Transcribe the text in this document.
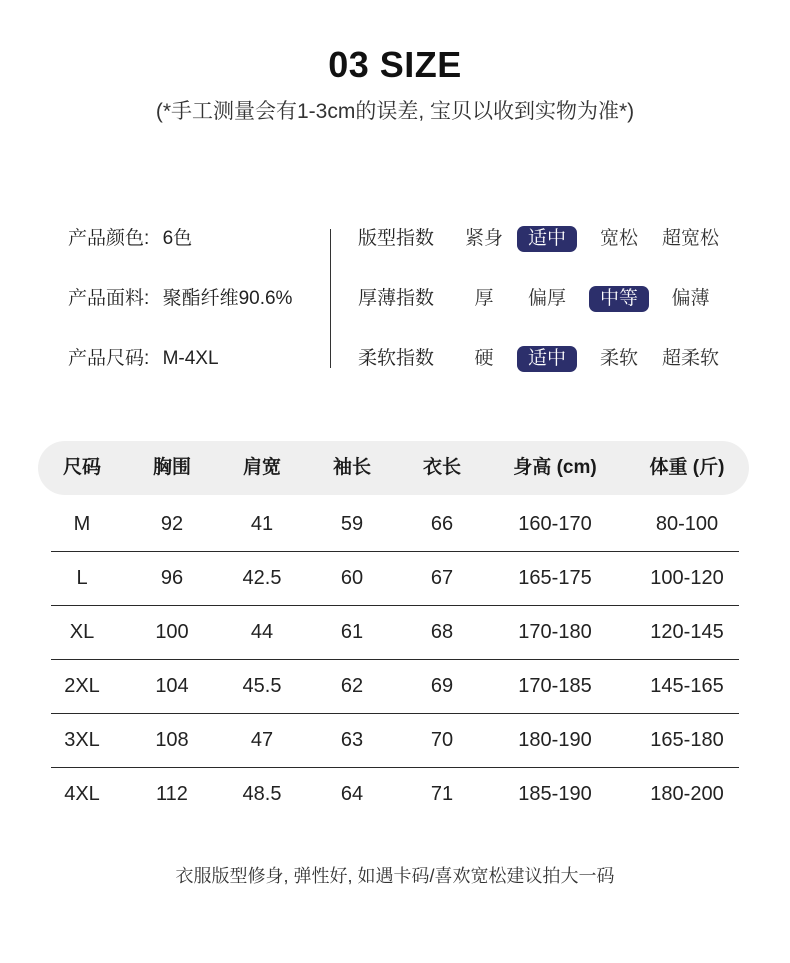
03 SIZE
(*手工测量会有1-3cm的误差, 宝贝以收到实物为准*)
产品颜色: 6色
产品面料: 聚酯纤维90.6%
产品尺码: M-4XL
版型指数	紧身	适中	宽松	超宽松
厚薄指数	厚	偏厚	中等	偏薄
柔软指数	硬	适中	柔软	超柔软
尺码	胸围	肩宽	袖长	衣长	身高 (cm)	体重 (斤)
M	92	41	59	66	160-170	80-100
L	96	42.5	60	67	165-175	100-120
XL	100	44	61	68	170-180	120-145
2XL	104	45.5	62	69	170-185	145-165
3XL	108	47	63	70	180-190	165-180
4XL	112	48.5	64	71	185-190	180-200
衣服版型修身, 弹性好, 如遇卡码/喜欢宽松建议拍大一码
